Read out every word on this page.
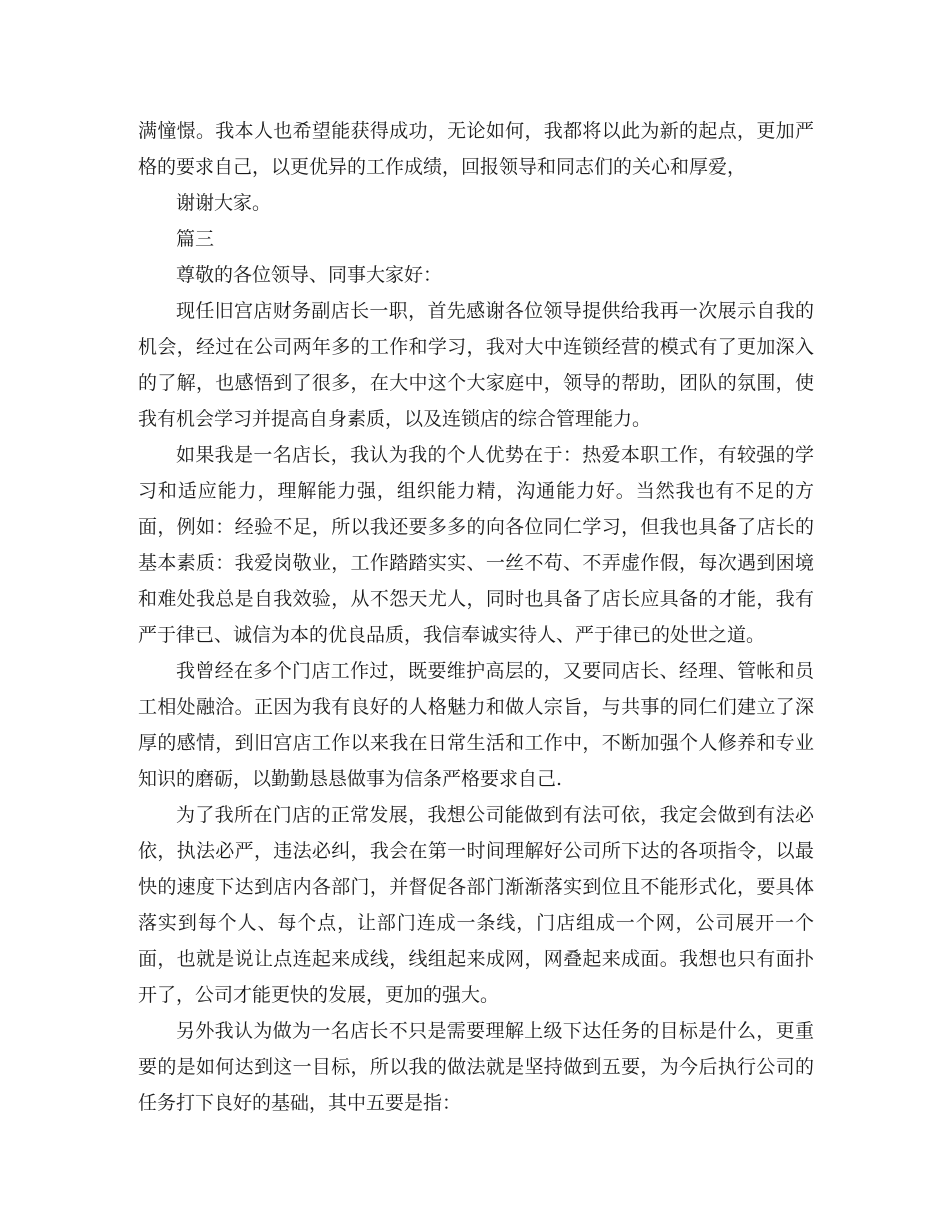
满憧憬。我本人也希望能获得成功，无论如何，我都将以此为新的起点，更加严格的要求自己，以更优异的工作成绩，回报领导和同志们的关心和厚爱，

谢谢大家。

篇三

尊敬的各位领导、同事大家好：

现任旧宫店财务副店长一职，首先感谢各位领导提供给我再一次展示自我的机会，经过在公司两年多的工作和学习，我对大中连锁经营的模式有了更加深入的了解，也感悟到了很多，在大中这个大家庭中，领导的帮助，团队的氛围，使我有机会学习并提高自身素质，以及连锁店的综合管理能力。

如果我是一名店长，我认为我的个人优势在于：热爱本职工作，有较强的学习和适应能力，理解能力强，组织能力精，沟通能力好。当然我也有不足的方面，例如：经验不足，所以我还要多多的向各位同仁学习，但我也具备了店长的基本素质：我爱岗敬业，工作踏踏实实、一丝不苟、不弄虚作假，每次遇到困境和难处我总是自我效验，从不怨天尤人，同时也具备了店长应具备的才能，我有严于律已、诚信为本的优良品质，我信奉诚实待人、严于律已的处世之道。

我曾经在多个门店工作过，既要维护高层的，又要同店长、经理、管帐和员工相处融洽。正因为我有良好的人格魅力和做人宗旨，与共事的同仁们建立了深厚的感情，到旧宫店工作以来我在日常生活和工作中，不断加强个人修养和专业知识的磨砺，以勤勤恳恳做事为信条严格要求自己.

为了我所在门店的正常发展，我想公司能做到有法可依，我定会做到有法必依，执法必严，违法必纠，我会在第一时间理解好公司所下达的各项指令，以最快的速度下达到店内各部门，并督促各部门渐渐落实到位且不能形式化，要具体落实到每个人、每个点，让部门连成一条线，门店组成一个网，公司展开一个面，也就是说让点连起来成线，线组起来成网，网叠起来成面。我想也只有面扑开了，公司才能更快的发展，更加的强大。

另外我认为做为一名店长不只是需要理解上级下达任务的目标是什么，更重要的是如何达到这一目标，所以我的做法就是坚持做到五要，为今后执行公司的任务打下良好的基础，其中五要是指：
